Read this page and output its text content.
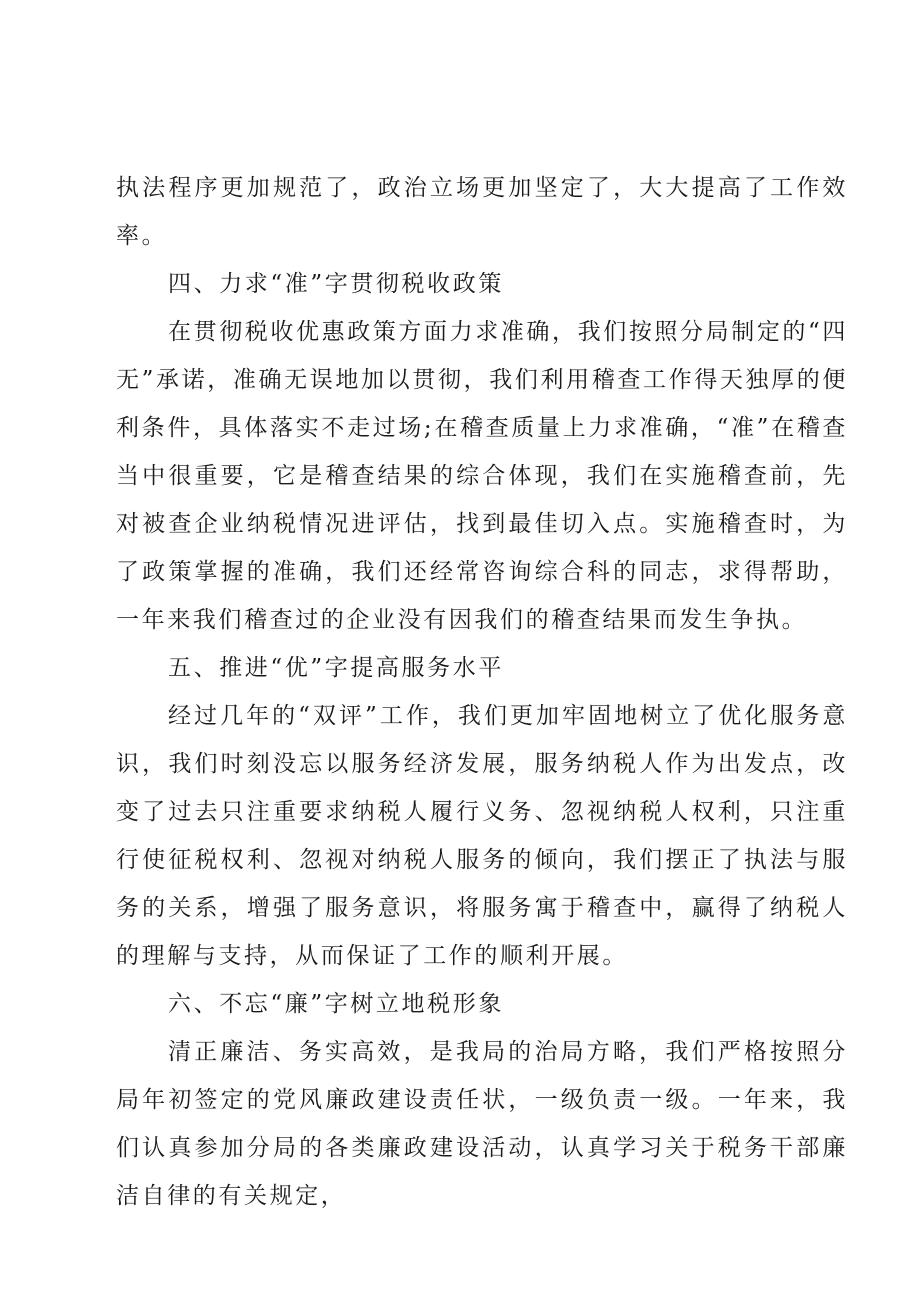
执法程序更加规范了，政治立场更加坚定了，大大提高了工作效率。

四、力求“准”字贯彻税收政策

在贯彻税收优惠政策方面力求准确，我们按照分局制定的“四无”承诺，准确无误地加以贯彻，我们利用稽查工作得天独厚的便利条件，具体落实不走过场;在稽查质量上力求准确，“准”在稽查当中很重要，它是稽查结果的综合体现，我们在实施稽查前，先对被查企业纳税情况进评估，找到最佳切入点。实施稽查时，为了政策掌握的准确，我们还经常咨询综合科的同志，求得帮助，一年来我们稽查过的企业没有因我们的稽查结果而发生争执。

五、推进“优”字提高服务水平

经过几年的“双评”工作，我们更加牢固地树立了优化服务意识，我们时刻没忘以服务经济发展，服务纳税人作为出发点，改变了过去只注重要求纳税人履行义务、忽视纳税人权利，只注重行使征税权利、忽视对纳税人服务的倾向，我们摆正了执法与服务的关系，增强了服务意识，将服务寓于稽查中，赢得了纳税人的理解与支持，从而保证了工作的顺利开展。

六、不忘“廉”字树立地税形象

清正廉洁、务实高效，是我局的治局方略，我们严格按照分局年初签定的党风廉政建设责任状，一级负责一级。一年来，我们认真参加分局的各类廉政建设活动，认真学习关于税务干部廉洁自律的有关规定，
